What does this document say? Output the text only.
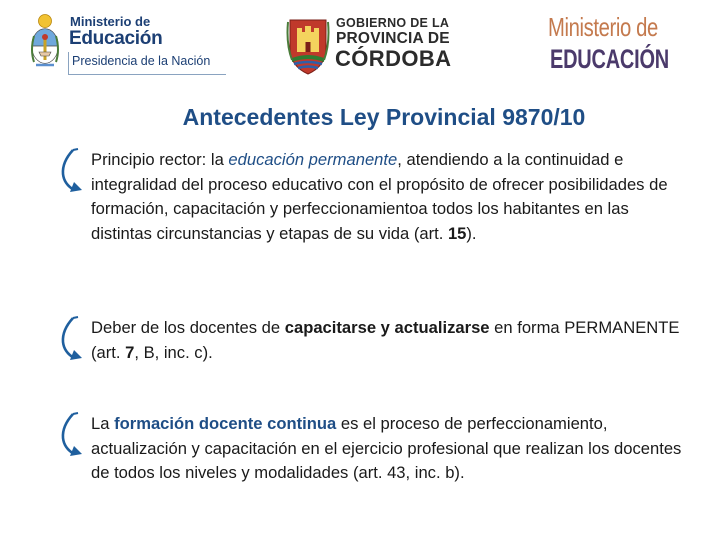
Ministerio de
Educación
Presidencia de la Nación
GOBIERNO DE LA
PROVINCIA DE
CÓRDOBA
Ministerio de
EDUCACIÓN
Antecedentes Ley Provincial 9870/10
Principio rector: la educación permanente, atendiendo a la continuidad e integralidad del proceso educativo con el propósito de ofrecer posibilidades de formación, capacitación y perfeccionamientoa todos los habitantes en las distintas circunstancias y etapas de su vida (art. 15).
Deber de los docentes de capacitarse y actualizarse en forma PERMANENTE (art. 7, B, inc. c).
La formación docente continua es el proceso de perfeccionamiento, actualización y capacitación en el ejercicio profesional que realizan los docentes de todos los niveles y modalidades (art. 43, inc. b).
